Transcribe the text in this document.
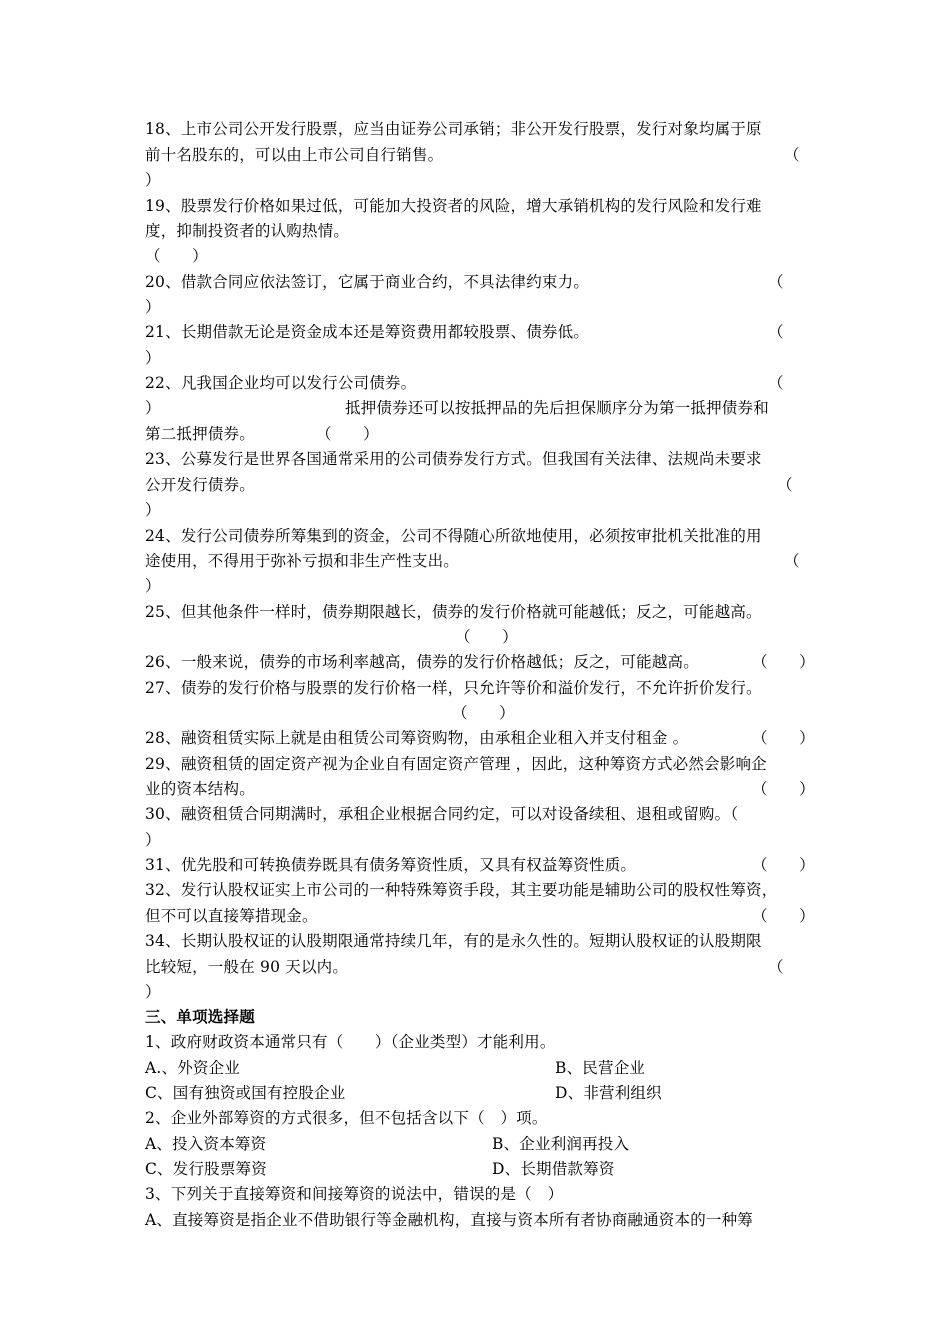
18、上市公司公开发行股票，应当由证券公司承销；非公开发行股票，发行对象均属于原
前十名股东的，可以由上市公司自行销售。	（
）
19、股票发行价格如果过低，可能加大投资者的风险，增大承销机构的发行风险和发行难
度，抑制投资者的认购热情。
（　　）
20、借款合同应依法签订，它属于商业合约，不具法律约束力。	（
）
21、长期借款无论是资金成本还是筹资费用都较股票、债券低。	（
）
22、凡我国企业均可以发行公司债券。	（
）	抵押债券还可以按抵押品的先后担保顺序分为第一抵押债券和
第二抵押债券。	（　　）
23、公募发行是世界各国通常采用的公司债券发行方式。但我国有关法律、法规尚未要求
公开发行债券。	（
）
24、发行公司债券所筹集到的资金，公司不得随心所欲地使用，必须按审批机关批准的用
途使用，不得用于弥补亏损和非生产性支出。	（
）
25、但其他条件一样时，债券期限越长，债券的发行价格就可能越低；反之，可能越高。
（　　）
26、一般来说，债券的市场利率越高，债券的发行价格越低；反之，可能越高。	（　　）
27、债券的发行价格与股票的发行价格一样，只允许等价和溢价发行，不允许折价发行。
（　　）
28、融资租赁实际上就是由租赁公司筹资购物，由承租企业租入并支付租金 。	（　　）
29、融资租赁的固定资产视为企业自有固定资产管理 ，因此，这种筹资方式必然会影响企
业的资本结构。	（　　）
30、融资租赁合同期满时，承租企业根据合同约定，可以对设备续租、退租或留购。（
）
31、优先股和可转换债券既具有债务筹资性质，又具有权益筹资性质。	（　　）
32、发行认股权证实上市公司的一种特殊筹资手段，其主要功能是辅助公司的股权性筹资，
但不可以直接筹措现金。	（　　）
34、长期认股权证的认股期限通常持续几年，有的是永久性的。短期认股权证的认股期限
比较短，一般在 90 天以内。	（
）
三、单项选择题
1、政府财政资本通常只有（　　）（企业类型）才能利用。
A.、外资企业	B、民营企业
C、国有独资或国有控股企业	D、非营利组织
2、企业外部筹资的方式很多，但不包括含以下（　）项。
A、投入资本筹资	B、企业利润再投入
C、发行股票筹资	D、长期借款筹资
3、下列关于直接筹资和间接筹资的说法中，错误的是（　）
A、直接筹资是指企业不借助银行等金融机构，直接与资本所有者协商融通资本的一种筹
